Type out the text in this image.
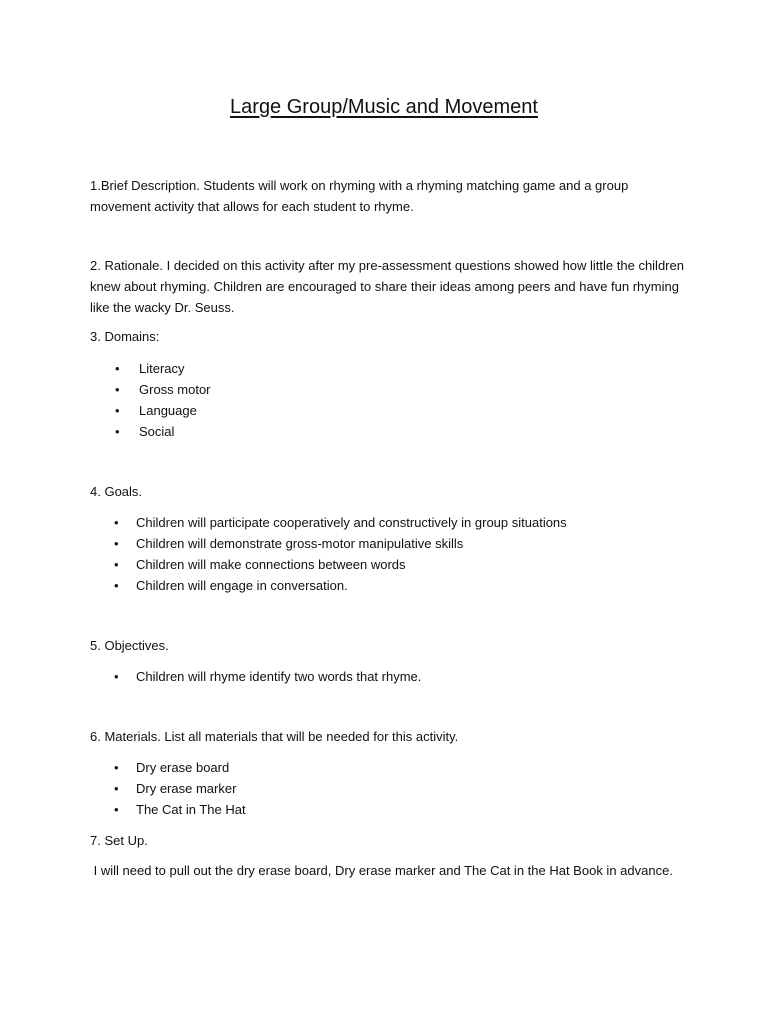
Large Group/Music and Movement

1.Brief Description. Students will work on rhyming with a rhyming matching game and a group movement activity that allows for each student to rhyme.

2. Rationale. I decided on this activity after my pre-assessment questions showed how little the children knew about rhyming. Children are encouraged to share their ideas among peers and have fun rhyming like the wacky Dr. Seuss.

3. Domains:

• Literacy
• Gross motor
• Language
• Social

4. Goals.

• Children will participate cooperatively and constructively in group situations
• Children will demonstrate gross-motor manipulative skills
• Children will make connections between words
• Children will engage in conversation.

5. Objectives.

• Children will rhyme identify two words that rhyme.

6. Materials. List all materials that will be needed for this activity.

• Dry erase board
• Dry erase marker
• The Cat in The Hat

7. Set Up.

I will need to pull out the dry erase board, Dry erase marker and The Cat in the Hat Book in advance.
